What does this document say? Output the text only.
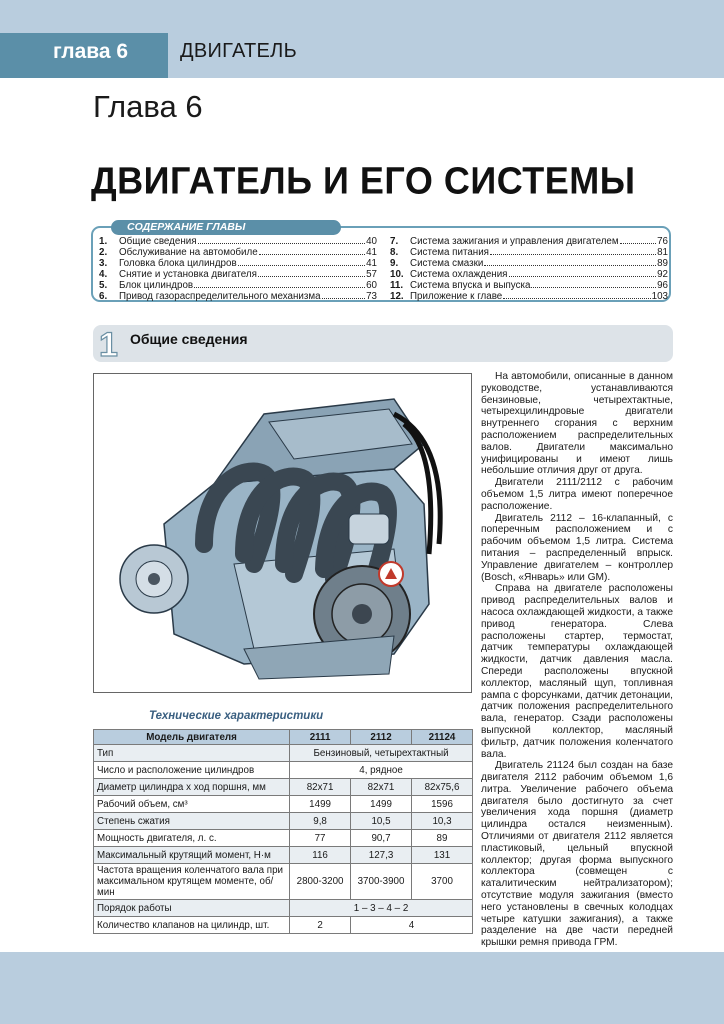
глава 6	ДВИГАТЕЛЬ
Глава 6
ДВИГАТЕЛЬ И ЕГО СИСТЕМЫ
СОДЕРЖАНИЕ ГЛАВЫ
1.	Общие сведения	40
2.	Обслуживание на автомобиле	41
3.	Головка блока цилиндров	41
4.	Снятие и установка двигателя	57
5.	Блок цилиндров	60
6.	Привод газораспределительного механизма	73
7.	Система зажигания и управления двигателем	76
8.	Система питания	81
9.	Система смазки	89
10. Система охлаждения	92
11. Система впуска и выпуска	96
12. Приложение к главе	103
1 Общие сведения
Технические характеристики
Модель двигателя	2111	2112	21124
Тип	Бензиновый, четырехтактный		
Число и расположение цилиндров	4, рядное		
Диаметр цилиндра х ход поршня, мм	82х71	82х71	82х75,6
Рабочий объем, см³	1499	1499	1596
Степень сжатия	9,8	10,5	10,3
Мощность двигателя, л. с.	77	90,7	89
Максимальный крутящий момент, Н·м	116	127,3	131
Частота вращения коленчатого вала при максимальном крутящем моменте, об/мин	2800-3200	3700-3900	3700
Порядок работы	1 – 3 – 4 – 2		
Количество клапанов на цилиндр, шт.	2	4	

На автомобили, описанные в данном руководстве, устанавливаются бензиновые, четырехтактные, четырехцилиндровые двигатели внутреннего сгорания с верхним расположением распределительных валов. Двигатели максимально унифицированы и имеют лишь небольшие отличия друг от друга.

Двигатели 2111/2112 с рабочим объемом 1,5 литра имеют поперечное расположение.

Двигатель 2112 – 16-клапанный, с поперечным расположением и с рабочим объемом 1,5 литра. Система питания – распределенный впрыск. Управление двигателем – контроллер (Bosch, «Январь» или GM).

Справа на двигателе расположены привод распределительных валов и насоса охлаждающей жидкости, а также привод генератора. Слева расположены стартер, термостат, датчик температуры охлаждающей жидкости, датчик давления масла. Спереди расположены впускной коллектор, масляный щуп, топливная рампа с форсунками, датчик детонации, датчик положения распределительного вала, генератор. Сзади расположены выпускной коллектор, масляный фильтр, датчик положения коленчатого вала.

Двигатель 21124 был создан на базе двигателя 2112 рабочим объемом 1,6 литра. Увеличение рабочего объема двигателя было достигнуто за счет увеличения хода поршня (диаметр цилиндра остался неизменным). Отличиями от двигателя 2112 является пластиковый, цельный впускной коллектор; другая форма выпускного коллектора (совмещен с каталитическим нейтрализатором); отсутствие модуля зажигания (вместо него установлены в свечных колодцах четыре катушки зажигания), а также разделение на две части передней крышки ремня привода ГРМ.
